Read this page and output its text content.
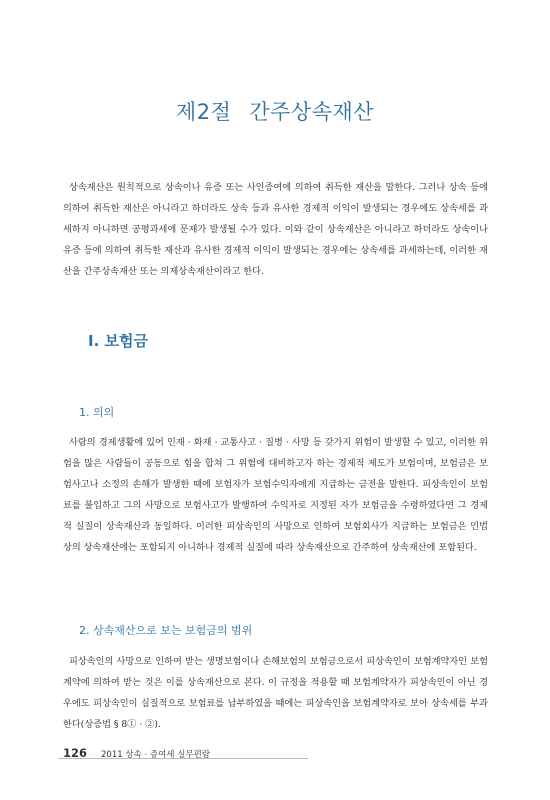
제2절 간주상속재산

상속재산은 원칙적으로 상속이나 유증 또는 사인증여에 의하여 취득한 재산을 말한다. 그러나 상속 등에 의하여 취득한 재산은 아니라고 하더라도 상속 등과 유사한 경제적 이익이 발생되는 경우에도 상속세를 과세하지 아니하면 공평과세에 문제가 발생될 수가 있다. 이와 같이 상속재산은 아니라고 하더라도 상속이나 유증 등에 의하여 취득한 재산과 유사한 경제적 이익이 발생되는 경우에는 상속세를 과세하는데, 이러한 재산을 간주상속재산 또는 의제상속재산이라고 한다.

Ⅰ. 보험금
1. 의의

사람의 경제생활에 있어 인재 · 화재 · 교통사고 · 질병 · 사망 등 갖가지 위험이 발생할 수 있고, 이러한 위험을 많은 사람들이 공동으로 힘을 합쳐 그 위험에 대비하고자 하는 경제적 제도가 보험이며, 보험금은 보험사고나 소정의 손해가 발생한 때에 보험자가 보험수익자에게 지급하는 금전을 말한다. 피상속인이 보험료를 불입하고 그의 사망으로 보험사고가 발행하여 수익자로 지정된 자가 보험금을 수령하였다면 그 경제적 실질이 상속재산과 동일하다. 이러한 피상속인의 사망으로 인하여 보험회사가 지급하는 보험금은 민법상의 상속재산에는 포함되지 아니하나 경제적 실질에 따라 상속재산으로 간주하여 상속재산에 포함된다.

2. 상속재산으로 보는 보험금의 범위

피상속인의 사망으로 인하여 받는 생명보험이나 손해보험의 보험금으로서 피상속인이 보험계약자인 보험계약에 의하여 받는 것은 이를 상속재산으로 본다. 이 규정을 적용할 때 보험계약자가 피상속인이 아닌 경우에도 피상속인이 실질적으로 보험료를 납부하였을 때에는 피상속인을 보험계약자로 보아 상속세를 부과한다(상증법 § 8① · ②).

126 2011 상속 · 증여세 실무편람
